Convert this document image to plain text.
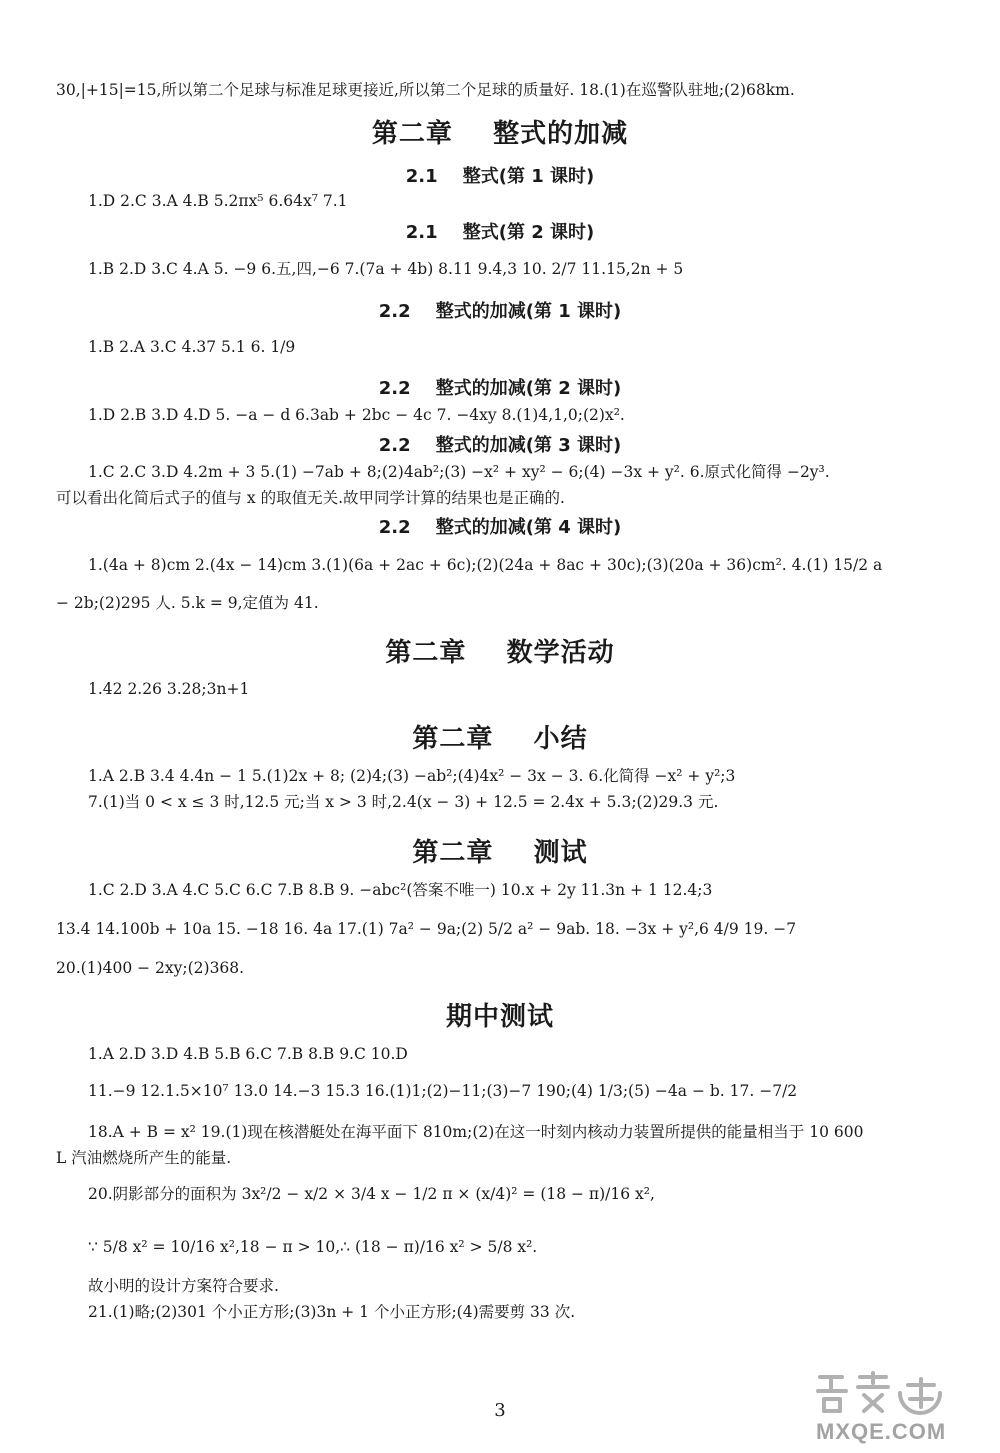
30,|+15|=15,所以第二个足球与标准足球更接近,所以第二个足球的质量好. 18.(1)在巡警队驻地;(2)68km.
第二章    整式的加减
2.1    整式(第 1 课时)
1.D 2.C 3.A 4.B 5.2πx⁵ 6.64x⁷ 7.1
2.1    整式(第 2 课时)
1.B 2.D 3.C 4.A 5. −9 6.五,四,−6 7.(7a + 4b) 8.11 9.4,3 10. 2/7 11.15,2n + 5
2.2    整式的加减(第 1 课时)
1.B 2.A 3.C 4.37 5.1 6. 1/9
2.2    整式的加减(第 2 课时)
1.D 2.B 3.D 4.D 5. −a − d 6.3ab + 2bc − 4c 7. −4xy 8.(1)4,1,0;(2)x².
2.2    整式的加减(第 3 课时)
1.C 2.C 3.D 4.2m + 3 5.(1) −7ab + 8;(2)4ab²;(3) −x² + xy² − 6;(4) −3x + y². 6.原式化简得 −2y³.
可以看出化简后式子的值与 x 的取值无关.故甲同学计算的结果也是正确的.
2.2    整式的加减(第 4 课时)
1.(4a + 8)cm 2.(4x − 14)cm 3.(1)(6a + 2ac + 6c);(2)(24a + 8ac + 30c);(3)(20a + 36)cm². 4.(1) 15/2 a
− 2b;(2)295 人. 5.k = 9,定值为 41.
第二章    数学活动
1.42 2.26 3.28;3n+1
第二章    小结
1.A 2.B 3.4 4.4n − 1 5.(1)2x + 8; (2)4;(3) −ab²;(4)4x² − 3x − 3. 6.化简得 −x² + y²;3
7.(1)当 0 < x ≤ 3 时,12.5 元;当 x > 3 时,2.4(x − 3) + 12.5 = 2.4x + 5.3;(2)29.3 元.
第二章    测试
1.C 2.D 3.A 4.C 5.C 6.C 7.B 8.B 9. −abc²(答案不唯一) 10.x + 2y 11.3n + 1 12.4;3
13.4 14.100b + 10a 15. −18 16. 4a 17.(1) 7a² − 9a;(2) 5/2 a² − 9ab. 18. −3x + y²,6 4/9 19. −7
20.(1)400 − 2xy;(2)368.
期中测试
1.A 2.D 3.D 4.B 5.B 6.C 7.B 8.B 9.C 10.D
11.−9 12.1.5×10⁷ 13.0 14.−3 15.3 16.(1)1;(2)−11;(3)−7 190;(4) 1/3;(5) −4a − b. 17. −7/2
18.A + B = x² 19.(1)现在核潜艇处在海平面下 810m;(2)在这一时刻内核动力装置所提供的能量相当于 10 600
L 汽油燃烧所产生的能量.
20.阴影部分的面积为 3x²/2 − x/2 × 3/4 x − 1/2 π × (x/4)² = (18 − π)/16 x²,
∵ 5/8 x² = 10/16 x²,18 − π > 10,∴ (18 − π)/16 x² > 5/8 x².
故小明的设计方案符合要求.
21.(1)略;(2)301 个小正方形;(3)3n + 1 个小正方形;(4)需要剪 33 次.
3
MXQE.COM
